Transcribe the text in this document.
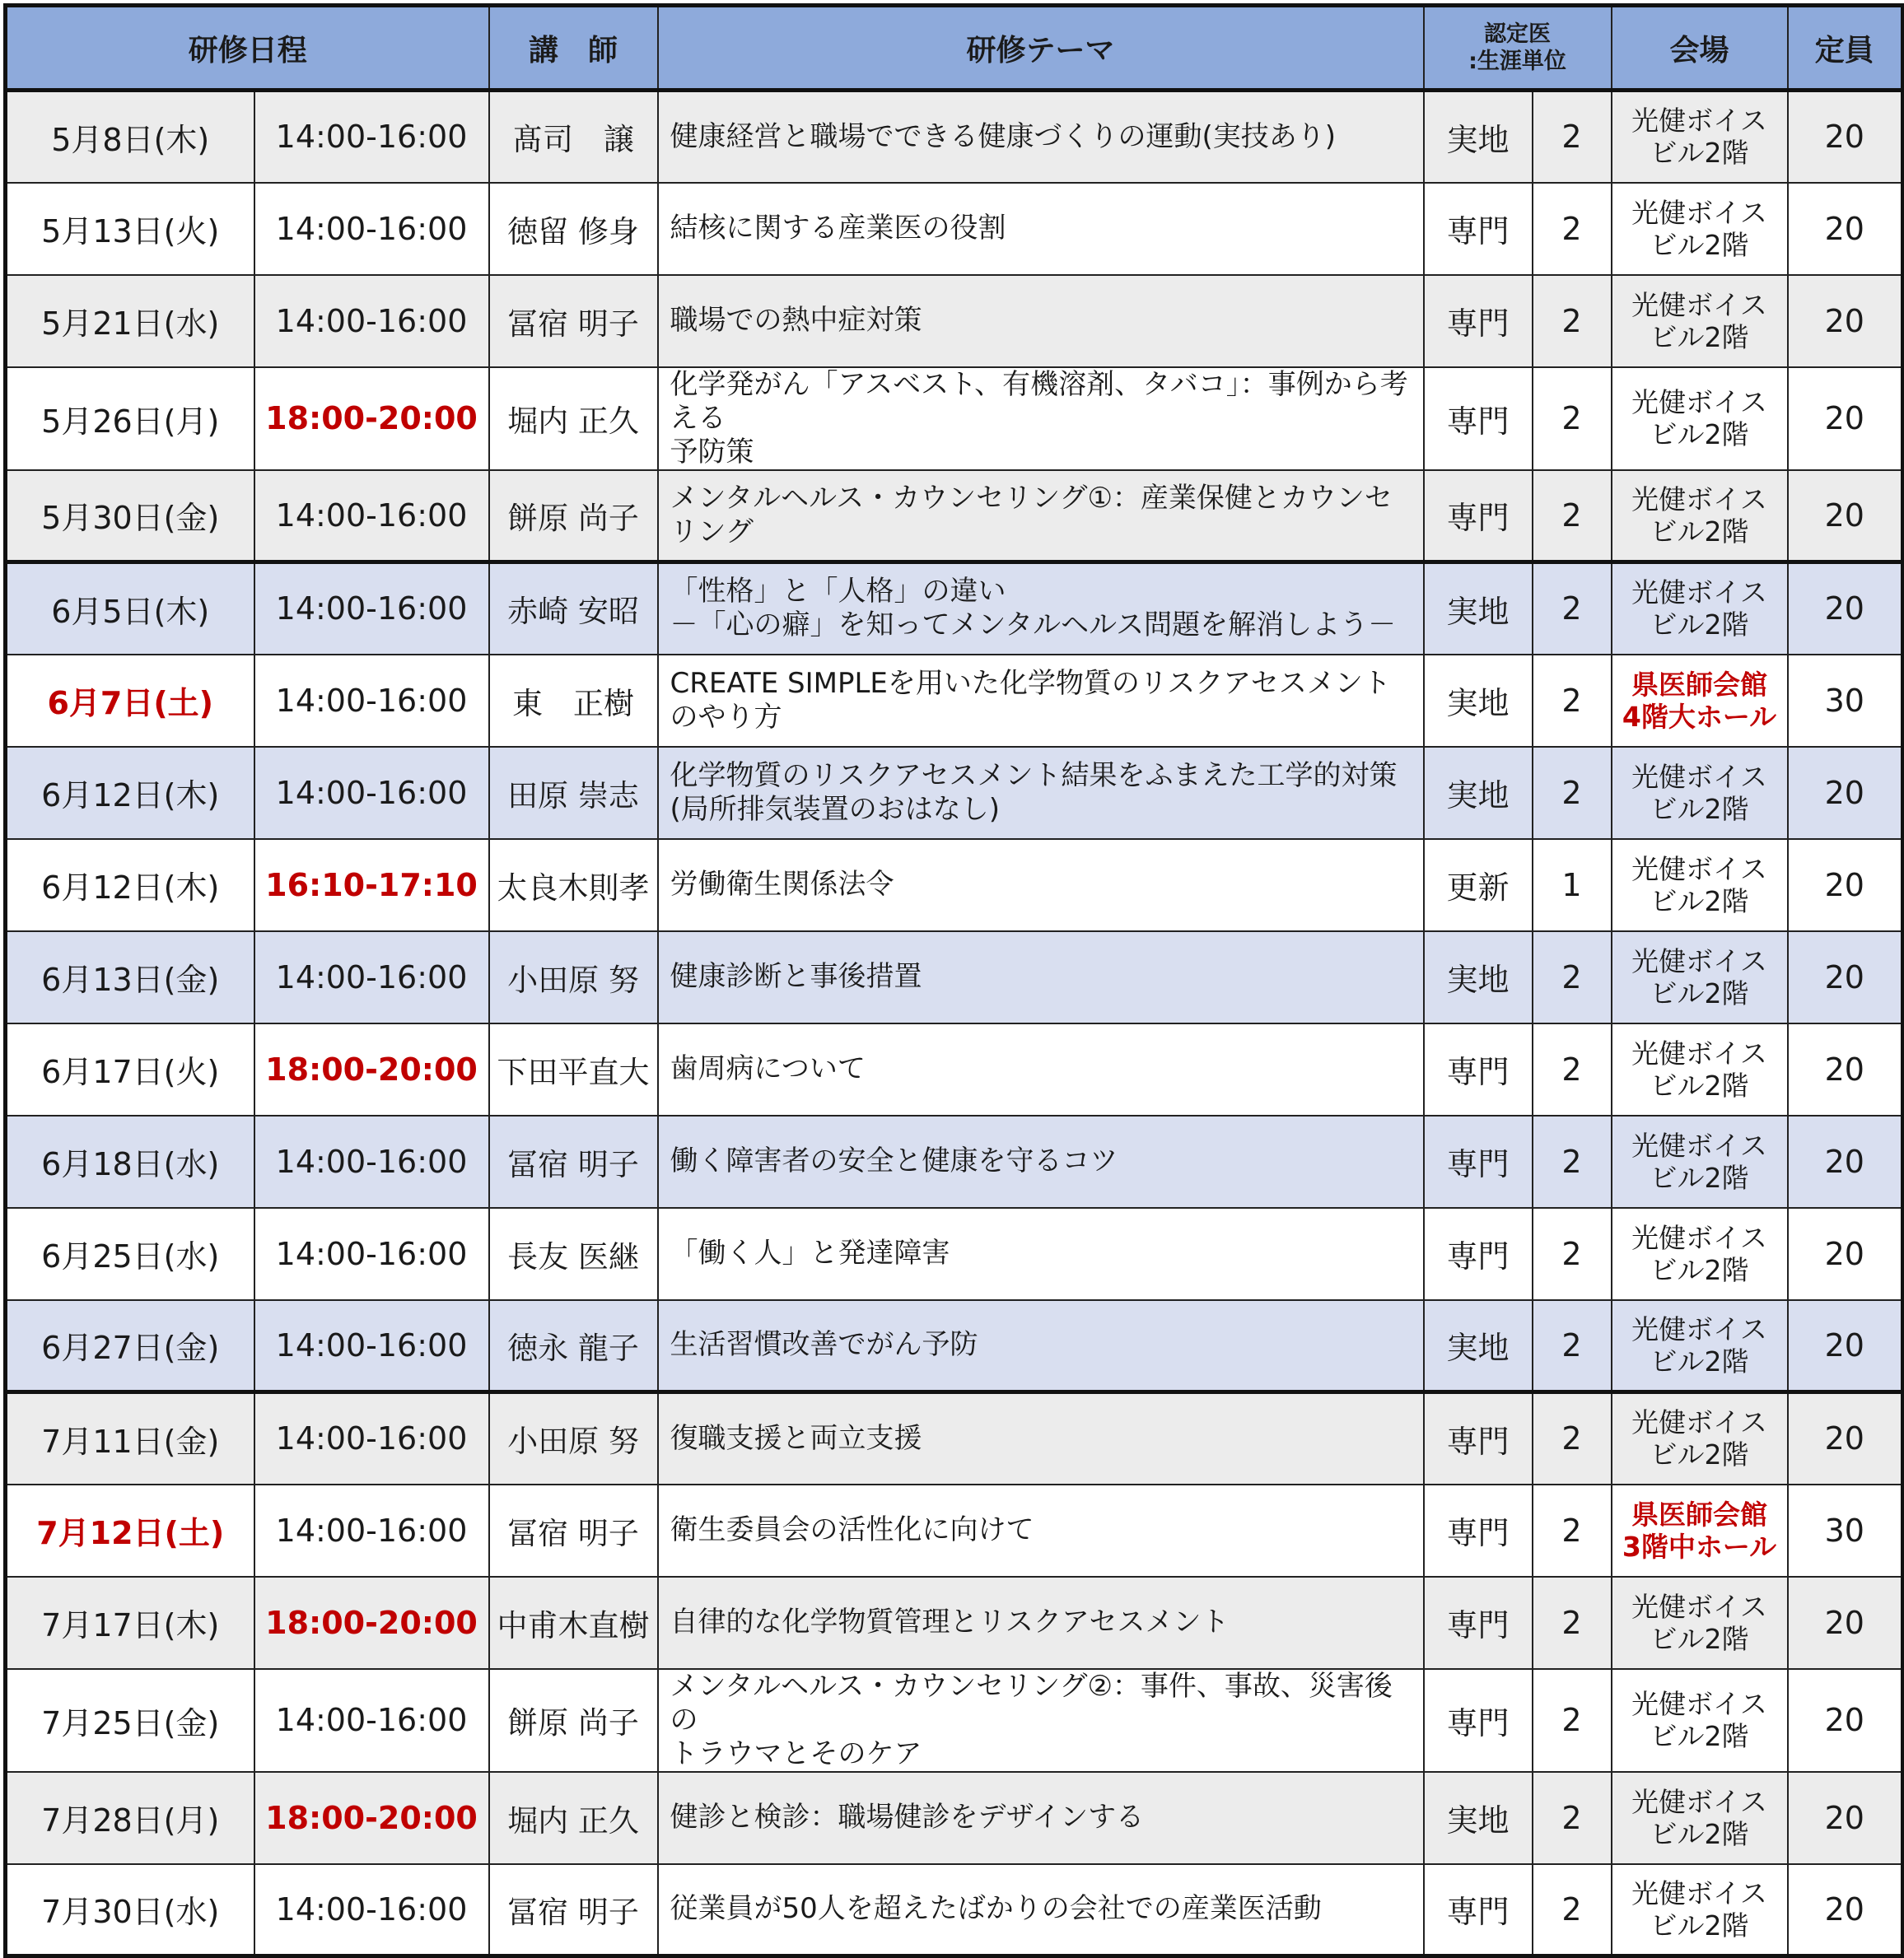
研修日程		講　師	研修テーマ	認定医
:生涯単位		会場	定員
5月8日(木)	14:00-16:00	髙司　譲	健康経営と職場でできる健康づくりの運動(実技あり)	実地	2	光健ボイス
ビル2階	20
5月13日(火)	14:00-16:00	徳留 修身	結核に関する産業医の役割	専門	2	光健ボイス
ビル2階	20
5月21日(水)	14:00-16:00	冨宿 明子	職場での熱中症対策	専門	2	光健ボイス
ビル2階	20
5月26日(月)	18:00-20:00	堀内 正久	化学発がん「アスベスト、有機溶剤、タバコ」：事例から考える
予防策	専門	2	光健ボイス
ビル2階	20
5月30日(金)	14:00-16:00	餅原 尚子	メンタルヘルス・カウンセリング①：産業保健とカウンセリング	専門	2	光健ボイス
ビル2階	20
6月5日(木)	14:00-16:00	赤崎 安昭	「性格」と「人格」の違い
－「心の癖」を知ってメンタルヘルス問題を解消しよう－	実地	2	光健ボイス
ビル2階	20
6月7日(土)	14:00-16:00	東　正樹	CREATE SIMPLEを用いた化学物質のリスクアセスメント
のやり方	実地	2	県医師会館
4階大ホール	30
6月12日(木)	14:00-16:00	田原 崇志	化学物質のリスクアセスメント結果をふまえた工学的対策
(局所排気装置のおはなし)	実地	2	光健ボイス
ビル2階	20
6月12日(木)	16:10-17:10	太良木則孝	労働衛生関係法令	更新	1	光健ボイス
ビル2階	20
6月13日(金)	14:00-16:00	小田原 努	健康診断と事後措置	実地	2	光健ボイス
ビル2階	20
6月17日(火)	18:00-20:00	下田平直大	歯周病について	専門	2	光健ボイス
ビル2階	20
6月18日(水)	14:00-16:00	冨宿 明子	働く障害者の安全と健康を守るコツ	専門	2	光健ボイス
ビル2階	20
6月25日(水)	14:00-16:00	長友 医継	「働く人」と発達障害	専門	2	光健ボイス
ビル2階	20
6月27日(金)	14:00-16:00	徳永 龍子	生活習慣改善でがん予防	実地	2	光健ボイス
ビル2階	20
7月11日(金)	14:00-16:00	小田原 努	復職支援と両立支援	専門	2	光健ボイス
ビル2階	20
7月12日(土)	14:00-16:00	冨宿 明子	衛生委員会の活性化に向けて	専門	2	県医師会館
3階中ホール	30
7月17日(木)	18:00-20:00	中甫木直樹	自律的な化学物質管理とリスクアセスメント	専門	2	光健ボイス
ビル2階	20
7月25日(金)	14:00-16:00	餅原 尚子	メンタルヘルス・カウンセリング②：事件、事故、災害後の
トラウマとそのケア	専門	2	光健ボイス
ビル2階	20
7月28日(月)	18:00-20:00	堀内 正久	健診と検診：職場健診をデザインする	実地	2	光健ボイス
ビル2階	20
7月30日(水)	14:00-16:00	冨宿 明子	従業員が50人を超えたばかりの会社での産業医活動	専門	2	光健ボイス
ビル2階	20
